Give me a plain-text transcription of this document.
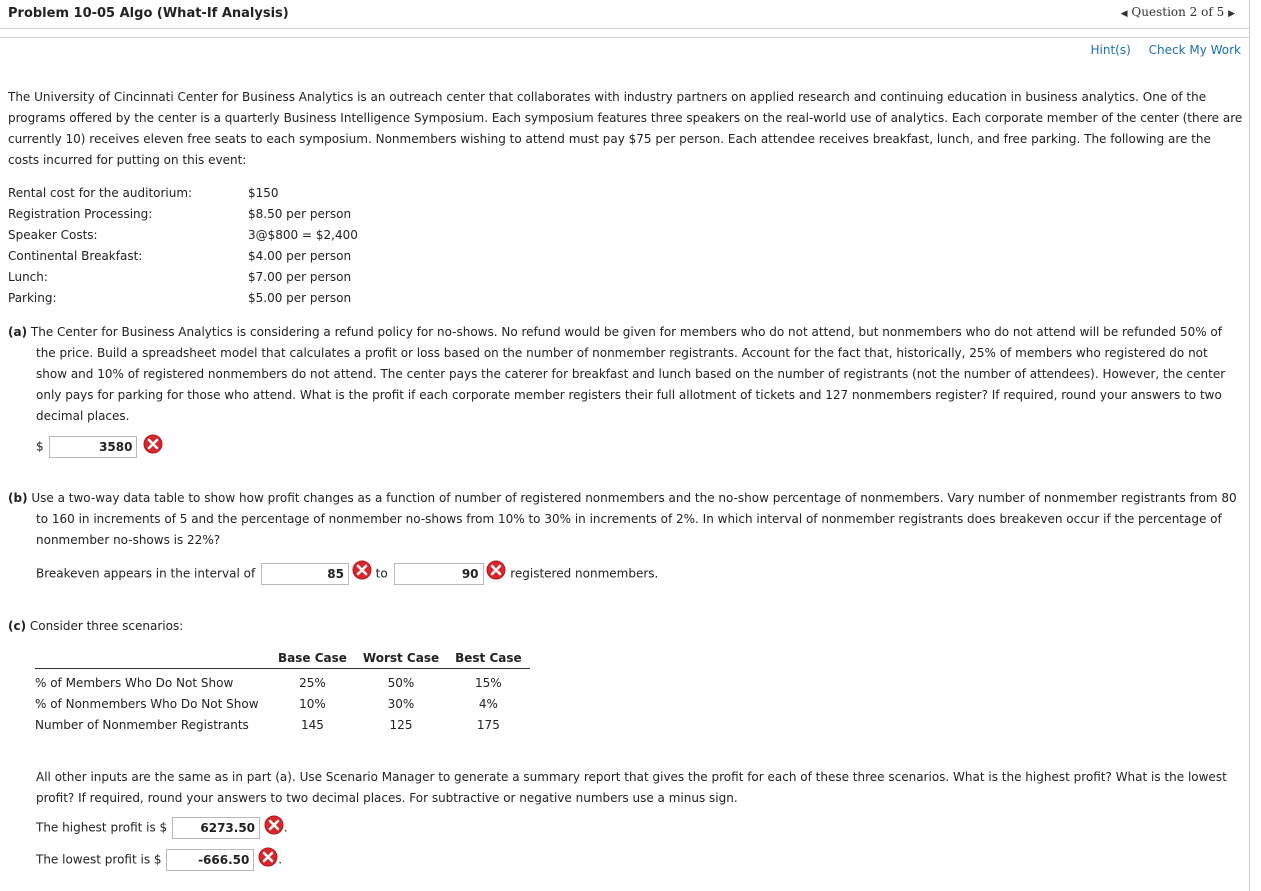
Problem 10-05 Algo (What-If Analysis)	◀ Question 2 of 5 ▶
Hint(s) Check My Work
The University of Cincinnati Center for Business Analytics is an outreach center that collaborates with industry partners on applied research and continuing education in business analytics. One of the programs offered by the center is a quarterly Business Intelligence Symposium. Each symposium features three speakers on the real-world use of analytics. Each corporate member of the center (there are currently 10) receives eleven free seats to each symposium. Nonmembers wishing to attend must pay $75 per person. Each attendee receives breakfast, lunch, and free parking. The following are the costs incurred for putting on this event:
Rental cost for the auditorium:	$150
Registration Processing:	$8.50 per person
Speaker Costs:	3@$800 = $2,400
Continental Breakfast:	$4.00 per person
Lunch:	$7.00 per person
Parking:	$5.00 per person
(a) The Center for Business Analytics is considering a refund policy for no-shows. No refund would be given for members who do not attend, but nonmembers who do not attend will be refunded 50% of the price. Build a spreadsheet model that calculates a profit or loss based on the number of nonmember registrants. Account for the fact that, historically, 25% of members who registered do not show and 10% of registered nonmembers do not attend. The center pays the caterer for breakfast and lunch based on the number of registrants (not the number of attendees). However, the center only pays for parking for those who attend. What is the profit if each corporate member registers their full allotment of tickets and 127 nonmembers register? If required, round your answers to two decimal places.
$	3580
(b) Use a two-way data table to show how profit changes as a function of number of registered nonmembers and the no-show percentage of nonmembers. Vary number of nonmember registrants from 80 to 160 in increments of 5 and the percentage of nonmember no-shows from 10% to 30% in increments of 2%. In which interval of nonmember registrants does breakeven occur if the percentage of nonmember no-shows is 22%?
Breakeven appears in the interval of	85	to	90	registered nonmembers.
(c) Consider three scenarios:
	Base Case	Worst Case	Best Case
% of Members Who Do Not Show	25%	50%	15%
% of Nonmembers Who Do Not Show	10%	30%	4%
Number of Nonmember Registrants	145	125	175
All other inputs are the same as in part (a). Use Scenario Manager to generate a summary report that gives the profit for each of these three scenarios. What is the highest profit? What is the lowest profit? If required, round your answers to two decimal places. For subtractive or negative numbers use a minus sign.
The highest profit is $	6273.50 .
The lowest profit is $	-666.50 .
